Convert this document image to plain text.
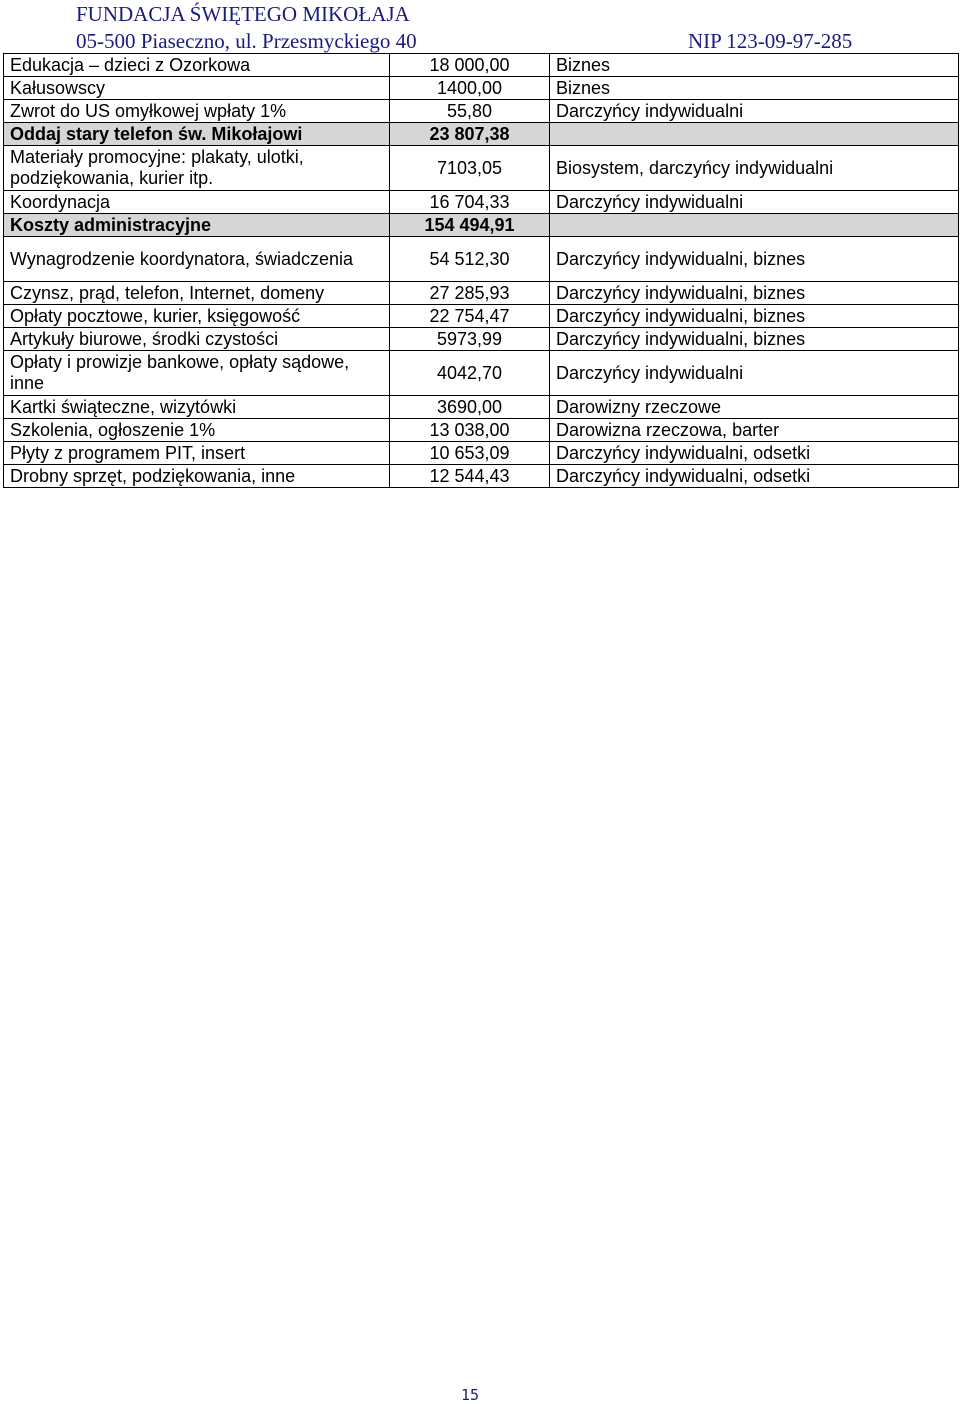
FUNDACJA ŚWIĘTEGO MIKOŁAJA
05-500 Piaseczno, ul. Przesmyckiego 40	NIP 123-09-97-285
Edukacja – dzieci z Ozorkowa	18 000,00	Biznes
Kałusowscy	1400,00	Biznes
Zwrot do US omyłkowej wpłaty 1%	55,80	Darczyńcy indywidualni
Oddaj stary telefon św. Mikołajowi	23 807,38	
Materiały promocyjne: plakaty, ulotki, podziękowania, kurier itp.	7103,05	Biosystem, darczyńcy indywidualni
Koordynacja	16 704,33	Darczyńcy indywidualni
Koszty administracyjne	154 494,91	
Wynagrodzenie koordynatora, świadczenia	54 512,30	Darczyńcy indywidualni, biznes
Czynsz, prąd, telefon, Internet, domeny	27 285,93	Darczyńcy indywidualni, biznes
Opłaty pocztowe, kurier, księgowość	22 754,47	Darczyńcy indywidualni, biznes
Artykuły biurowe, środki czystości	5973,99	Darczyńcy indywidualni, biznes
Opłaty i prowizje bankowe, opłaty sądowe, inne	4042,70	Darczyńcy indywidualni
Kartki świąteczne, wizytówki	3690,00	Darowizny rzeczowe
Szkolenia, ogłoszenie 1%	13 038,00	Darowizna rzeczowa, barter
Płyty z programem PIT, insert	10 653,09	Darczyńcy indywidualni, odsetki
Drobny sprzęt, podziękowania, inne	12 544,43	Darczyńcy indywidualni, odsetki
15
